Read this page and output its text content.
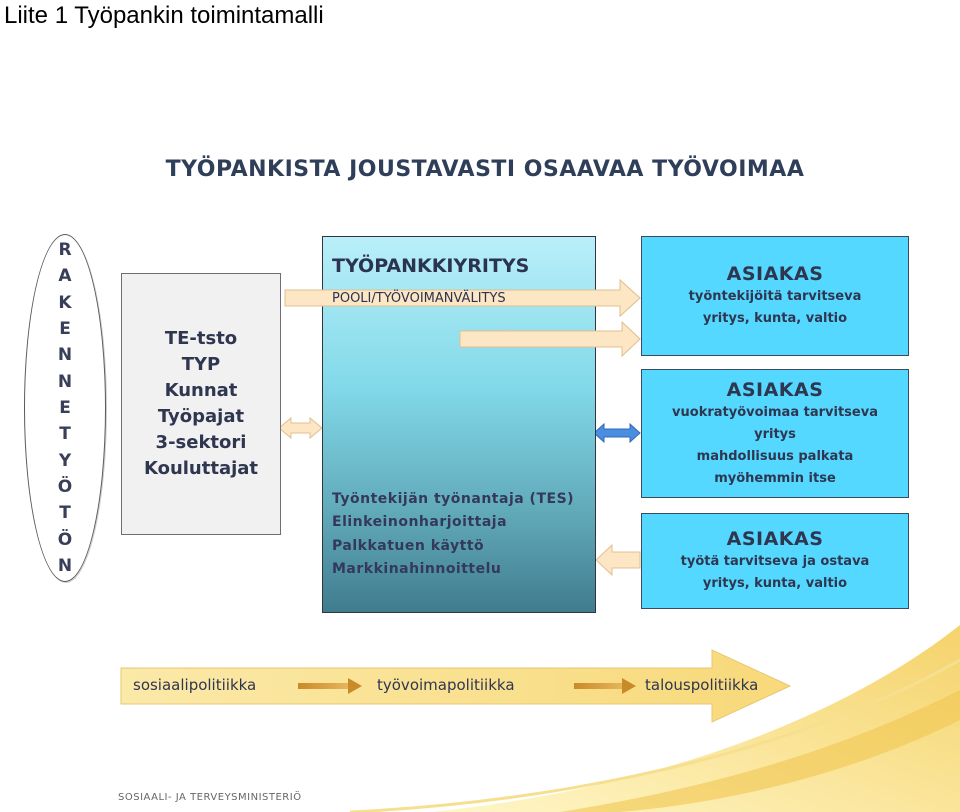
Liite 1 Työpankin toimintamalli
TYÖPANKISTA JOUSTAVASTI OSAAVAA TYÖVOIMAA
R
A
K
E
N
N
E
T
Y
Ö
T
Ö
N
TE-tsto
TYP
Kunnat
Työpajat
3-sektori
Kouluttajat
TYÖPANKKIYRITYS
POOLI/TYÖVOIMANVÄLITYS
Työntekijän työnantaja (TES)
Elinkeinonharjoittaja
Palkkatuen käyttö
Markkinahinnoittelu
ASIAKAS
työntekijöitä tarvitseva
yritys, kunta, valtio
ASIAKAS
vuokratyövoimaa tarvitseva
yritys
mahdollisuus palkata
myöhemmin itse
ASIAKAS
työtä tarvitseva ja ostava
yritys, kunta, valtio
sosiaalipolitiikka	työvoimapolitiikka	talouspolitiikka
SOSIAALI- JA TERVEYSMINISTERIÖ
